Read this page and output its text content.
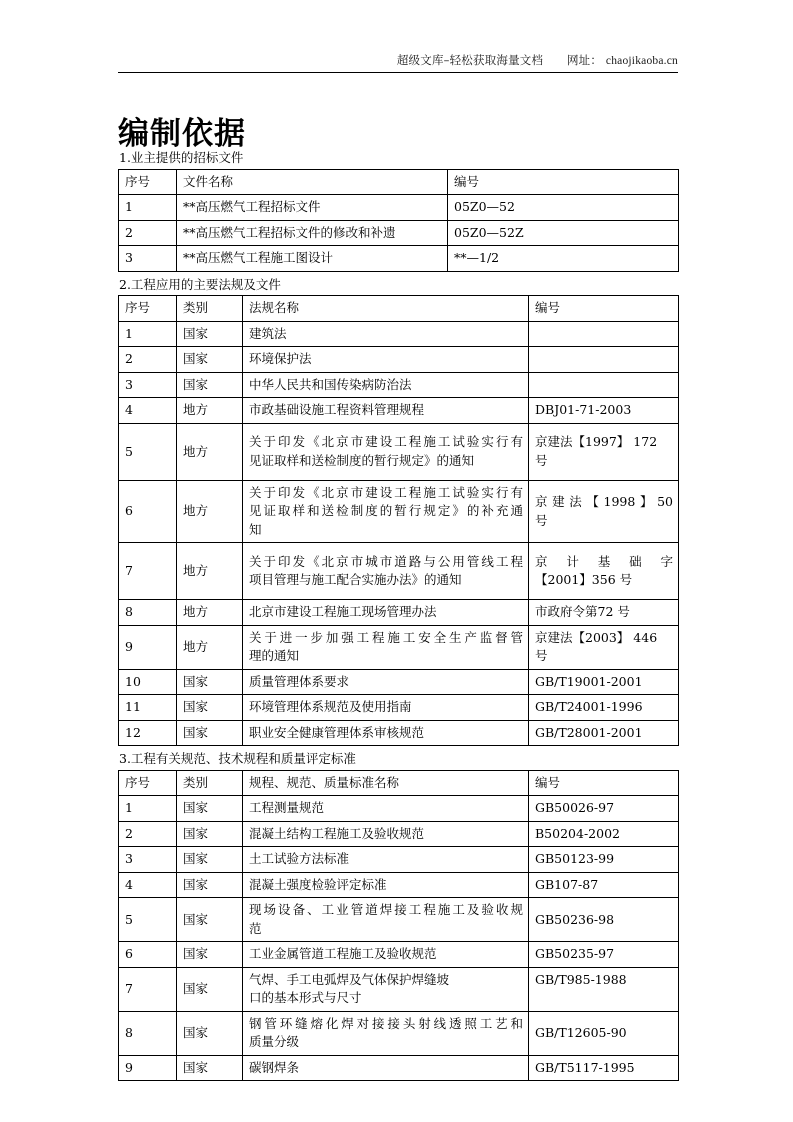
超级文库–轻松获取海量文档 网址： chaojikaoba.cn
编制依据

1.业主提供的招标文件

序号	文件名称	编号
1	**高压燃气工程招标文件	05Z0—52
2	**高压燃气工程招标文件的修改和补遗	05Z0—52Z
3	**高压燃气工程施工图设计	**—1/2

2.工程应用的主要法规及文件

序号	类别	法规名称	编号
1	国家	建筑法	
2	国家	环境保护法	
3	国家	中华人民共和国传染病防治法	
4	地方	市政基础设施工程资料管理规程	DBJ01-71-2003
5	地方	关于印发《北京市建设工程施工试验实行有
见证取样和送检制度的暂行规定》的通知	京建法【1997】 172
号

6	地方	关于印发《北京市建设工程施工试验实行有
见证取样和送检制度的暂行规定》的补充通
知	京建法【1998】50
号

7	地方	关于印发《北京市城市道路与公用管线工程
项目管理与施工配合实施办法》的通知	京 计 基 础 字
【2001】356 号

8	地方	北京市建设工程施工现场管理办法	市政府令第72 号
9	地方	关于进一步加强工程施工安全生产监督管
理的通知	京建法【2003】 446
号

10	国家	质量管理体系要求	GB/T19001-2001
11	国家	环境管理体系规范及使用指南	GB/T24001-1996
12	国家	职业安全健康管理体系审核规范	GB/T28001-2001

3.工程有关规范、技术规程和质量评定标准

序号	类别	规程、规范、质量标准名称	编号
1	国家	工程测量规范	GB50026-97
2	国家	混凝土结构工程施工及验收规范	B50204-2002
3	国家	土工试验方法标准	GB50123-99
4	国家	混凝土强度检验评定标准	GB107-87
5	国家	现场设备、工业管道焊接工程施工及验收规
范	GB50236-98
6	国家	工业金属管道工程施工及验收规范	GB50235-97
7	国家	气焊、手工电弧焊及气体保护焊缝坡
口的基本形式与尺寸	GB/T985-1988
8	国家	钢管环缝熔化焊对接接头射线透照工艺和
质量分级	GB/T12605-90
9	国家	碳钢焊条	GB/T5117-1995
